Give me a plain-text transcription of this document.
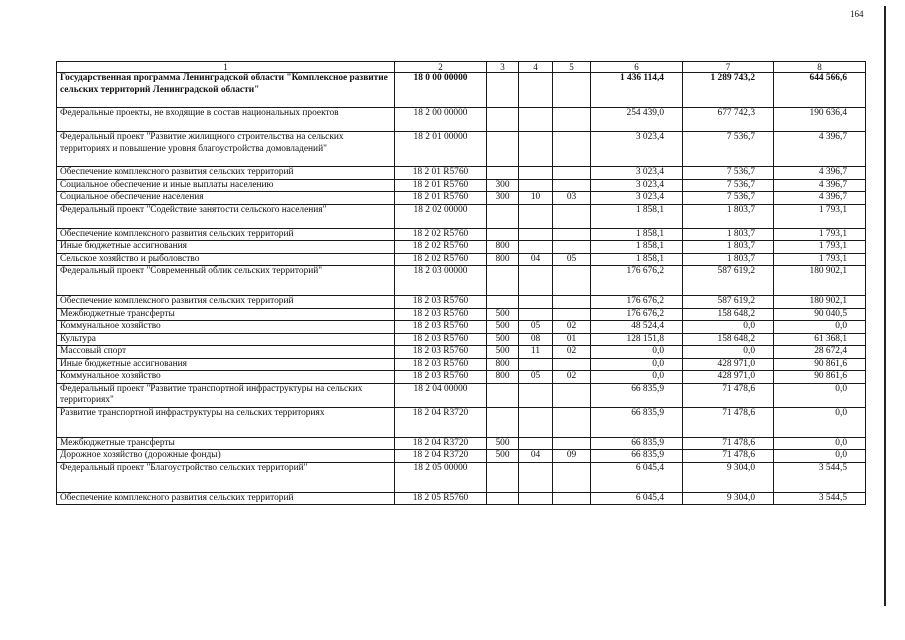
164
1	2	3	4	5	6	7	8
Государственная программа Ленинградской области "Комплексное развитие сельских территорий Ленинградской области"	18 0 00 00000				1 436 114,4	1 289 743,2	644 566,6
Федеральные проекты, не входящие в состав национальных проектов	18 2 00 00000				254 439,0	677 742,3	190 636,4
Федеральный проект "Развитие жилищного строительства на сельских территориях и повышение уровня благоустройства домовладений"	18 2 01 00000				3 023,4	7 536,7	4 396,7
Обеспечение комплексного развития сельских территорий	18 2 01 R5760				3 023,4	7 536,7	4 396,7
Социальное обеспечение и иные выплаты населению	18 2 01 R5760	300			3 023,4	7 536,7	4 396,7
Социальное обеспечение населения	18 2 01 R5760	300	10	03	3 023,4	7 536,7	4 396,7
Федеральный проект "Содействие занятости сельского населения"	18 2 02 00000				1 858,1	1 803,7	1 793,1
Обеспечение комплексного развития сельских территорий	18 2 02 R5760				1 858,1	1 803,7	1 793,1
Иные бюджетные ассигнования	18 2 02 R5760	800			1 858,1	1 803,7	1 793,1
Сельское хозяйство и рыболовство	18 2 02 R5760	800	04	05	1 858,1	1 803,7	1 793,1
Федеральный проект "Современный облик сельских территорий"	18 2 03 00000				176 676,2	587 619,2	180 902,1
Обеспечение комплексного развития сельских территорий	18 2 03 R5760				176 676,2	587 619,2	180 902,1
Межбюджетные трансферты	18 2 03 R5760	500			176 676,2	158 648,2	90 040,5
Коммунальное хозяйство	18 2 03 R5760	500	05	02	48 524,4	0,0	0,0
Культура	18 2 03 R5760	500	08	01	128 151,8	158 648,2	61 368,1
Массовый спорт	18 2 03 R5760	500	11	02	0,0	0,0	28 672,4
Иные бюджетные ассигнования	18 2 03 R5760	800			0,0	428 971,0	90 861,6
Коммунальное хозяйство	18 2 03 R5760	800	05	02	0,0	428 971,0	90 861,6
Федеральный проект "Развитие транспортной инфраструктуры на сельских территориях"	18 2 04 00000				66 835,9	71 478,6	0,0
Развитие транспортной инфраструктуры на сельских территориях	18 2 04 R3720				66 835,9	71 478,6	0,0
Межбюджетные трансферты	18 2 04 R3720	500			66 835,9	71 478,6	0,0
Дорожное хозяйство (дорожные фонды)	18 2 04 R3720	500	04	09	66 835,9	71 478,6	0,0
Федеральный проект "Благоустройство сельских территорий"	18 2 05 00000				6 045,4	9 304,0	3 544,5
Обеспечение комплексного развития сельских территорий	18 2 05 R5760				6 045,4	9 304,0	3 544,5
